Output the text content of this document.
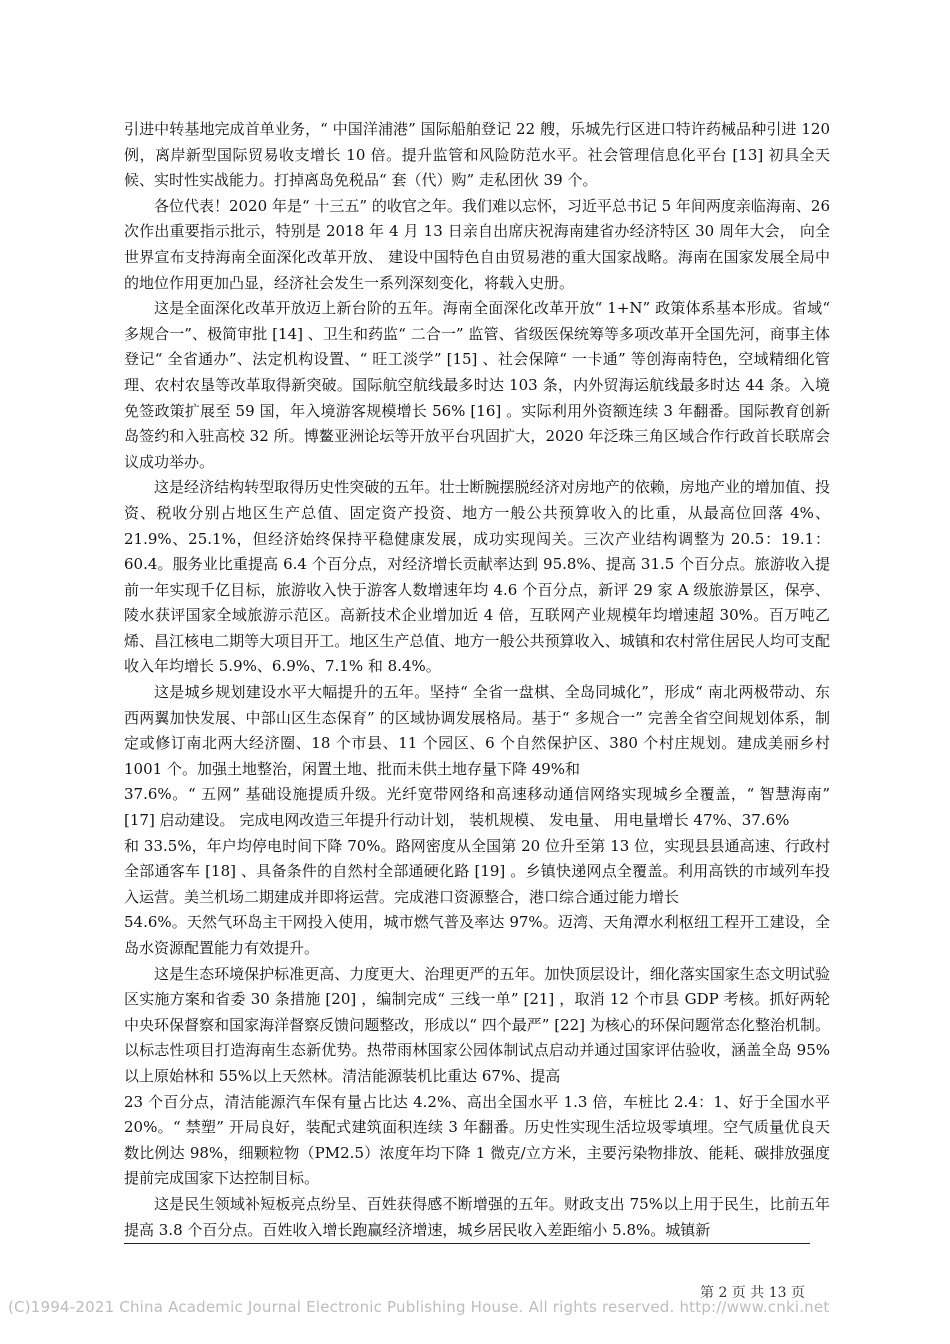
引进中转基地完成首单业务，“ 中国洋浦港” 国际船舶登记 22 艘，乐城先行区进口特许药械品种引进 120 例，离岸新型国际贸易收支增长 10 倍。提升监管和风险防范水平。社会管理信息化平台 [13] 初具全天候、实时性实战能力。打掉离岛免税品“ 套（代）购” 走私团伙 39 个。

各位代表！2020 年是“ 十三五” 的收官之年。我们难以忘怀，习近平总书记 5 年间两度亲临海南、26 次作出重要指示批示，特别是 2018 年 4 月 13 日亲自出席庆祝海南建省办经济特区 30 周年大会， 向全世界宣布支持海南全面深化改革开放、 建设中国特色自由贸易港的重大国家战略。海南在国家发展全局中的地位作用更加凸显，经济社会发生一系列深刻变化，将载入史册。

这是全面深化改革开放迈上新台阶的五年。海南全面深化改革开放“ 1+N” 政策体系基本形成。省域“ 多规合一”、极简审批 [14] 、卫生和药监“ 二合一” 监管、省级医保统筹等多项改革开全国先河，商事主体登记“ 全省通办”、法定机构设置、“ 旺工淡学” [15] 、社会保障“ 一卡通” 等创海南特色，空域精细化管理、农村农垦等改革取得新突破。国际航空航线最多时达 103 条，内外贸海运航线最多时达 44 条。入境免签政策扩展至 59 国，年入境游客规模增长 56% [16] 。实际利用外资额连续 3 年翻番。国际教育创新岛签约和入驻高校 32 所。博鳌亚洲论坛等开放平台巩固扩大，2020 年泛珠三角区域合作行政首长联席会议成功举办。

这是经济结构转型取得历史性突破的五年。壮士断腕摆脱经济对房地产的依赖，房地产业的增加值、投资、税收分别占地区生产总值、固定资产投资、地方一般公共预算收入的比重，从最高位回落 4%、21.9%、25.1%，但经济始终保持平稳健康发展，成功实现闯关。三次产业结构调整为 20.5：19.1：60.4。服务业比重提高 6.4 个百分点，对经济增长贡献率达到 95.8%、提高 31.5 个百分点。旅游收入提前一年实现千亿目标，旅游收入快于游客人数增速年均 4.6 个百分点，新评 29 家 A 级旅游景区，保亭、陵水获评国家全域旅游示范区。高新技术企业增加近 4 倍，互联网产业规模年均增速超 30%。百万吨乙烯、昌江核电二期等大项目开工。地区生产总值、地方一般公共预算收入、城镇和农村常住居民人均可支配收入年均增长 5.9%、6.9%、7.1% 和 8.4%。

这是城乡规划建设水平大幅提升的五年。坚持“ 全省一盘棋、全岛同城化”，形成“ 南北两极带动、东西两翼加快发展、中部山区生态保育” 的区域协调发展格局。基于“ 多规合一” 完善全省空间规划体系，制定或修订南北两大经济圈、18 个市县、11 个园区、6 个自然保护区、380 个村庄规划。建成美丽乡村 1001 个。加强土地整治，闲置土地、批而未供土地存量下降 49%和

37.6%。“ 五网” 基础设施提质升级。光纤宽带网络和高速移动通信网络实现城乡全覆盖，“ 智慧海南” [17] 启动建设。 完成电网改造三年提升行动计划， 装机规模、 发电量、 用电量增长 47%、37.6%

和 33.5%，年户均停电时间下降 70%。路网密度从全国第 20 位升至第 13 位，实现县县通高速、行政村全部通客车 [18] 、具备条件的自然村全部通硬化路 [19] 。乡镇快递网点全覆盖。利用高铁的市域列车投入运营。美兰机场二期建成并即将运营。完成港口资源整合，港口综合通过能力增长

54.6%。天然气环岛主干网投入使用，城市燃气普及率达 97%。迈湾、天角潭水利枢纽工程开工建设，全岛水资源配置能力有效提升。

这是生态环境保护标准更高、力度更大、治理更严的五年。加快顶层设计，细化落实国家生态文明试验区实施方案和省委 30 条措施 [20] ，编制完成“ 三线一单” [21] ，取消 12 个市县 GDP 考核。抓好两轮中央环保督察和国家海洋督察反馈问题整改，形成以“ 四个最严” [22] 为核心的环保问题常态化整治机制。以标志性项目打造海南生态新优势。热带雨林国家公园体制试点启动并通过国家评估验收，涵盖全岛 95%以上原始林和 55%以上天然林。清洁能源装机比重达 67%、提高

23 个百分点，清洁能源汽车保有量占比达 4.2%、高出全国水平 1.3 倍，车桩比 2.4：1、好于全国水平 20%。“ 禁塑” 开局良好，装配式建筑面积连续 3 年翻番。历史性实现生活垃圾零填埋。空气质量优良天数比例达 98%，细颗粒物（PM2.5）浓度年均下降 1 微克/立方米，主要污染物排放、能耗、碳排放强度提前完成国家下达控制目标。

这是民生领域补短板亮点纷呈、百姓获得感不断增强的五年。财政支出 75%以上用于民生，比前五年提高 3.8 个百分点。百姓收入增长跑赢经济增速，城乡居民收入差距缩小 5.8%。城镇新

第 2 页 共 13 页
(C)1994-2021 China Academic Journal Electronic Publishing House. All rights reserved. http://www.cnki.net
